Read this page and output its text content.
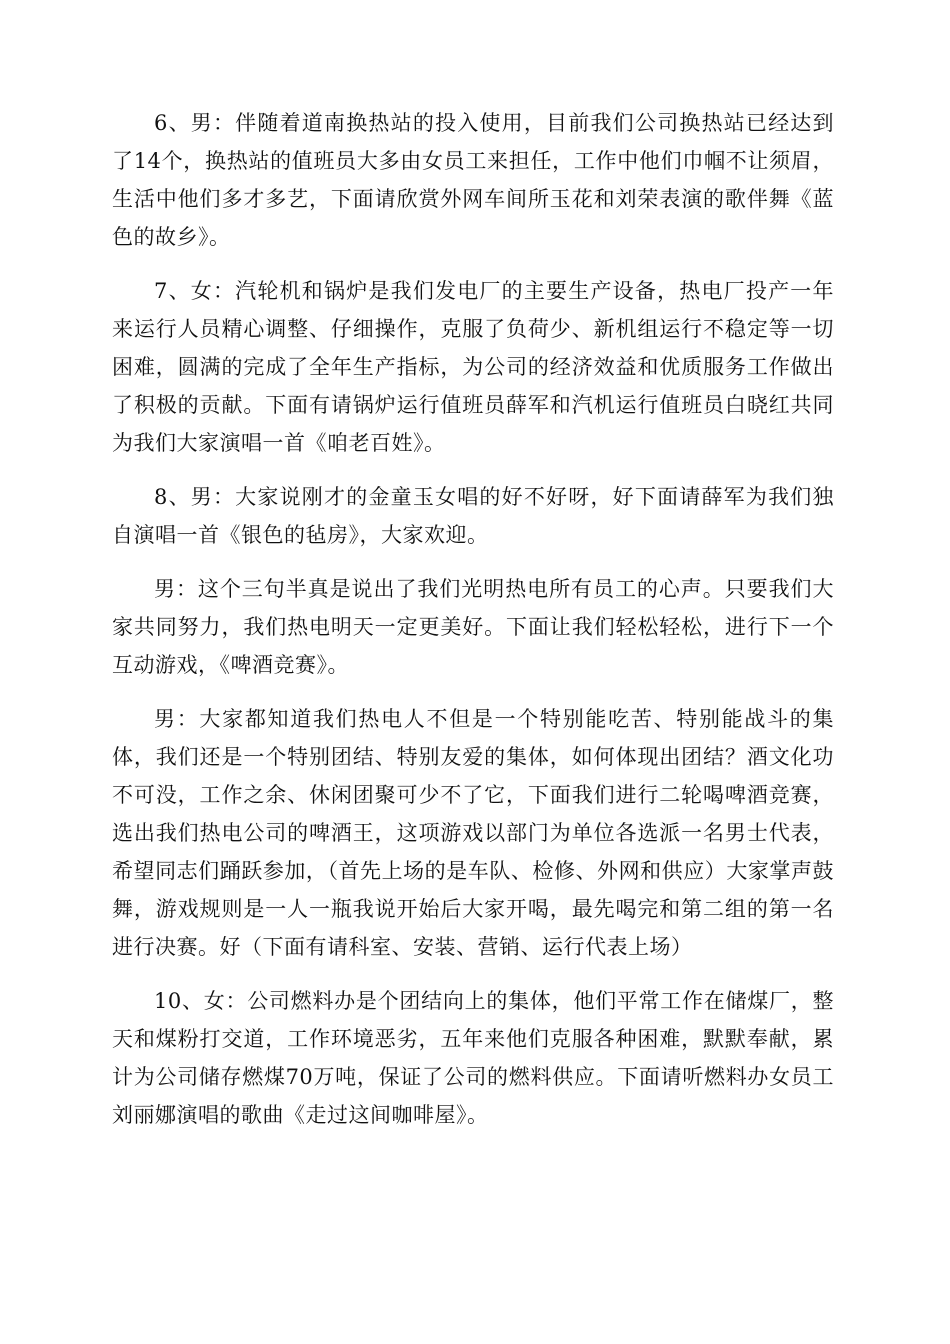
6、男：伴随着道南换热站的投入使用，目前我们公司换热站已经达到了14个，换热站的值班员大多由女员工来担任，工作中他们巾帼不让须眉，生活中他们多才多艺，下面请欣赏外网车间所玉花和刘荣表演的歌伴舞《蓝色的故乡》。

7、女：汽轮机和锅炉是我们发电厂的主要生产设备，热电厂投产一年来运行人员精心调整、仔细操作，克服了负荷少、新机组运行不稳定等一切困难，圆满的完成了全年生产指标，为公司的经济效益和优质服务工作做出了积极的贡献。下面有请锅炉运行值班员薛军和汽机运行值班员白晓红共同为我们大家演唱一首《咱老百姓》。

8、男：大家说刚才的金童玉女唱的好不好呀，好下面请薛军为我们独自演唱一首《银色的毡房》，大家欢迎。

男：这个三句半真是说出了我们光明热电所有员工的心声。只要我们大家共同努力，我们热电明天一定更美好。下面让我们轻松轻松，进行下一个互动游戏，《啤酒竞赛》。

男：大家都知道我们热电人不但是一个特别能吃苦、特别能战斗的集体，我们还是一个特别团结、特别友爱的集体，如何体现出团结？酒文化功不可没，工作之余、休闲团聚可少不了它，下面我们进行二轮喝啤酒竞赛，选出我们热电公司的啤酒王，这项游戏以部门为单位各选派一名男士代表，希望同志们踊跃参加，（首先上场的是车队、检修、外网和供应）大家掌声鼓舞，游戏规则是一人一瓶我说开始后大家开喝，最先喝完和第二组的第一名进行决赛。好（下面有请科室、安装、营销、运行代表上场）

10、女：公司燃料办是个团结向上的集体，他们平常工作在储煤厂，整天和煤粉打交道，工作环境恶劣，五年来他们克服各种困难，默默奉献，累计为公司储存燃煤70万吨，保证了公司的燃料供应。下面请听燃料办女员工刘丽娜演唱的歌曲《走过这间咖啡屋》。
